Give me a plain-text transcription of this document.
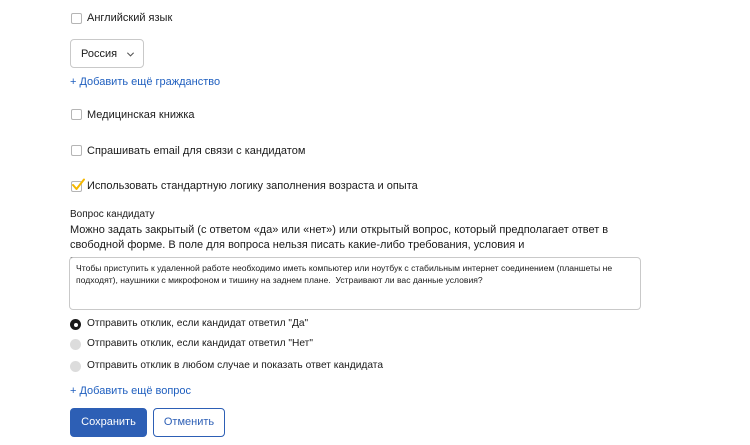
Английский язык
Россия
+ Добавить ещё гражданство
Медицинская книжка
Спрашивать email для связи с кандидатом
Использовать стандартную логику заполнения возраста и опыта
Вопрос кандидату
Можно задать закрытый (с ответом «да» или «нет») или открытый вопрос, который предполагает ответ в свободной форме. В поле для вопроса нельзя писать какие-либо требования, условия и
Чтобы приступить к удаленной работе необходимо иметь компьютер или ноутбук с стабильным интернет соединением (планшеты не подходят), наушники с микрофоном и тишину на заднем плане.  Устраивают ли вас данные условия?
Отправить отклик, если кандидат ответил "Да"
Отправить отклик, если кандидат ответил "Нет"
Отправить отклик в любом случае и показать ответ кандидата
+ Добавить ещё вопрос
Сохранить	Отменить
